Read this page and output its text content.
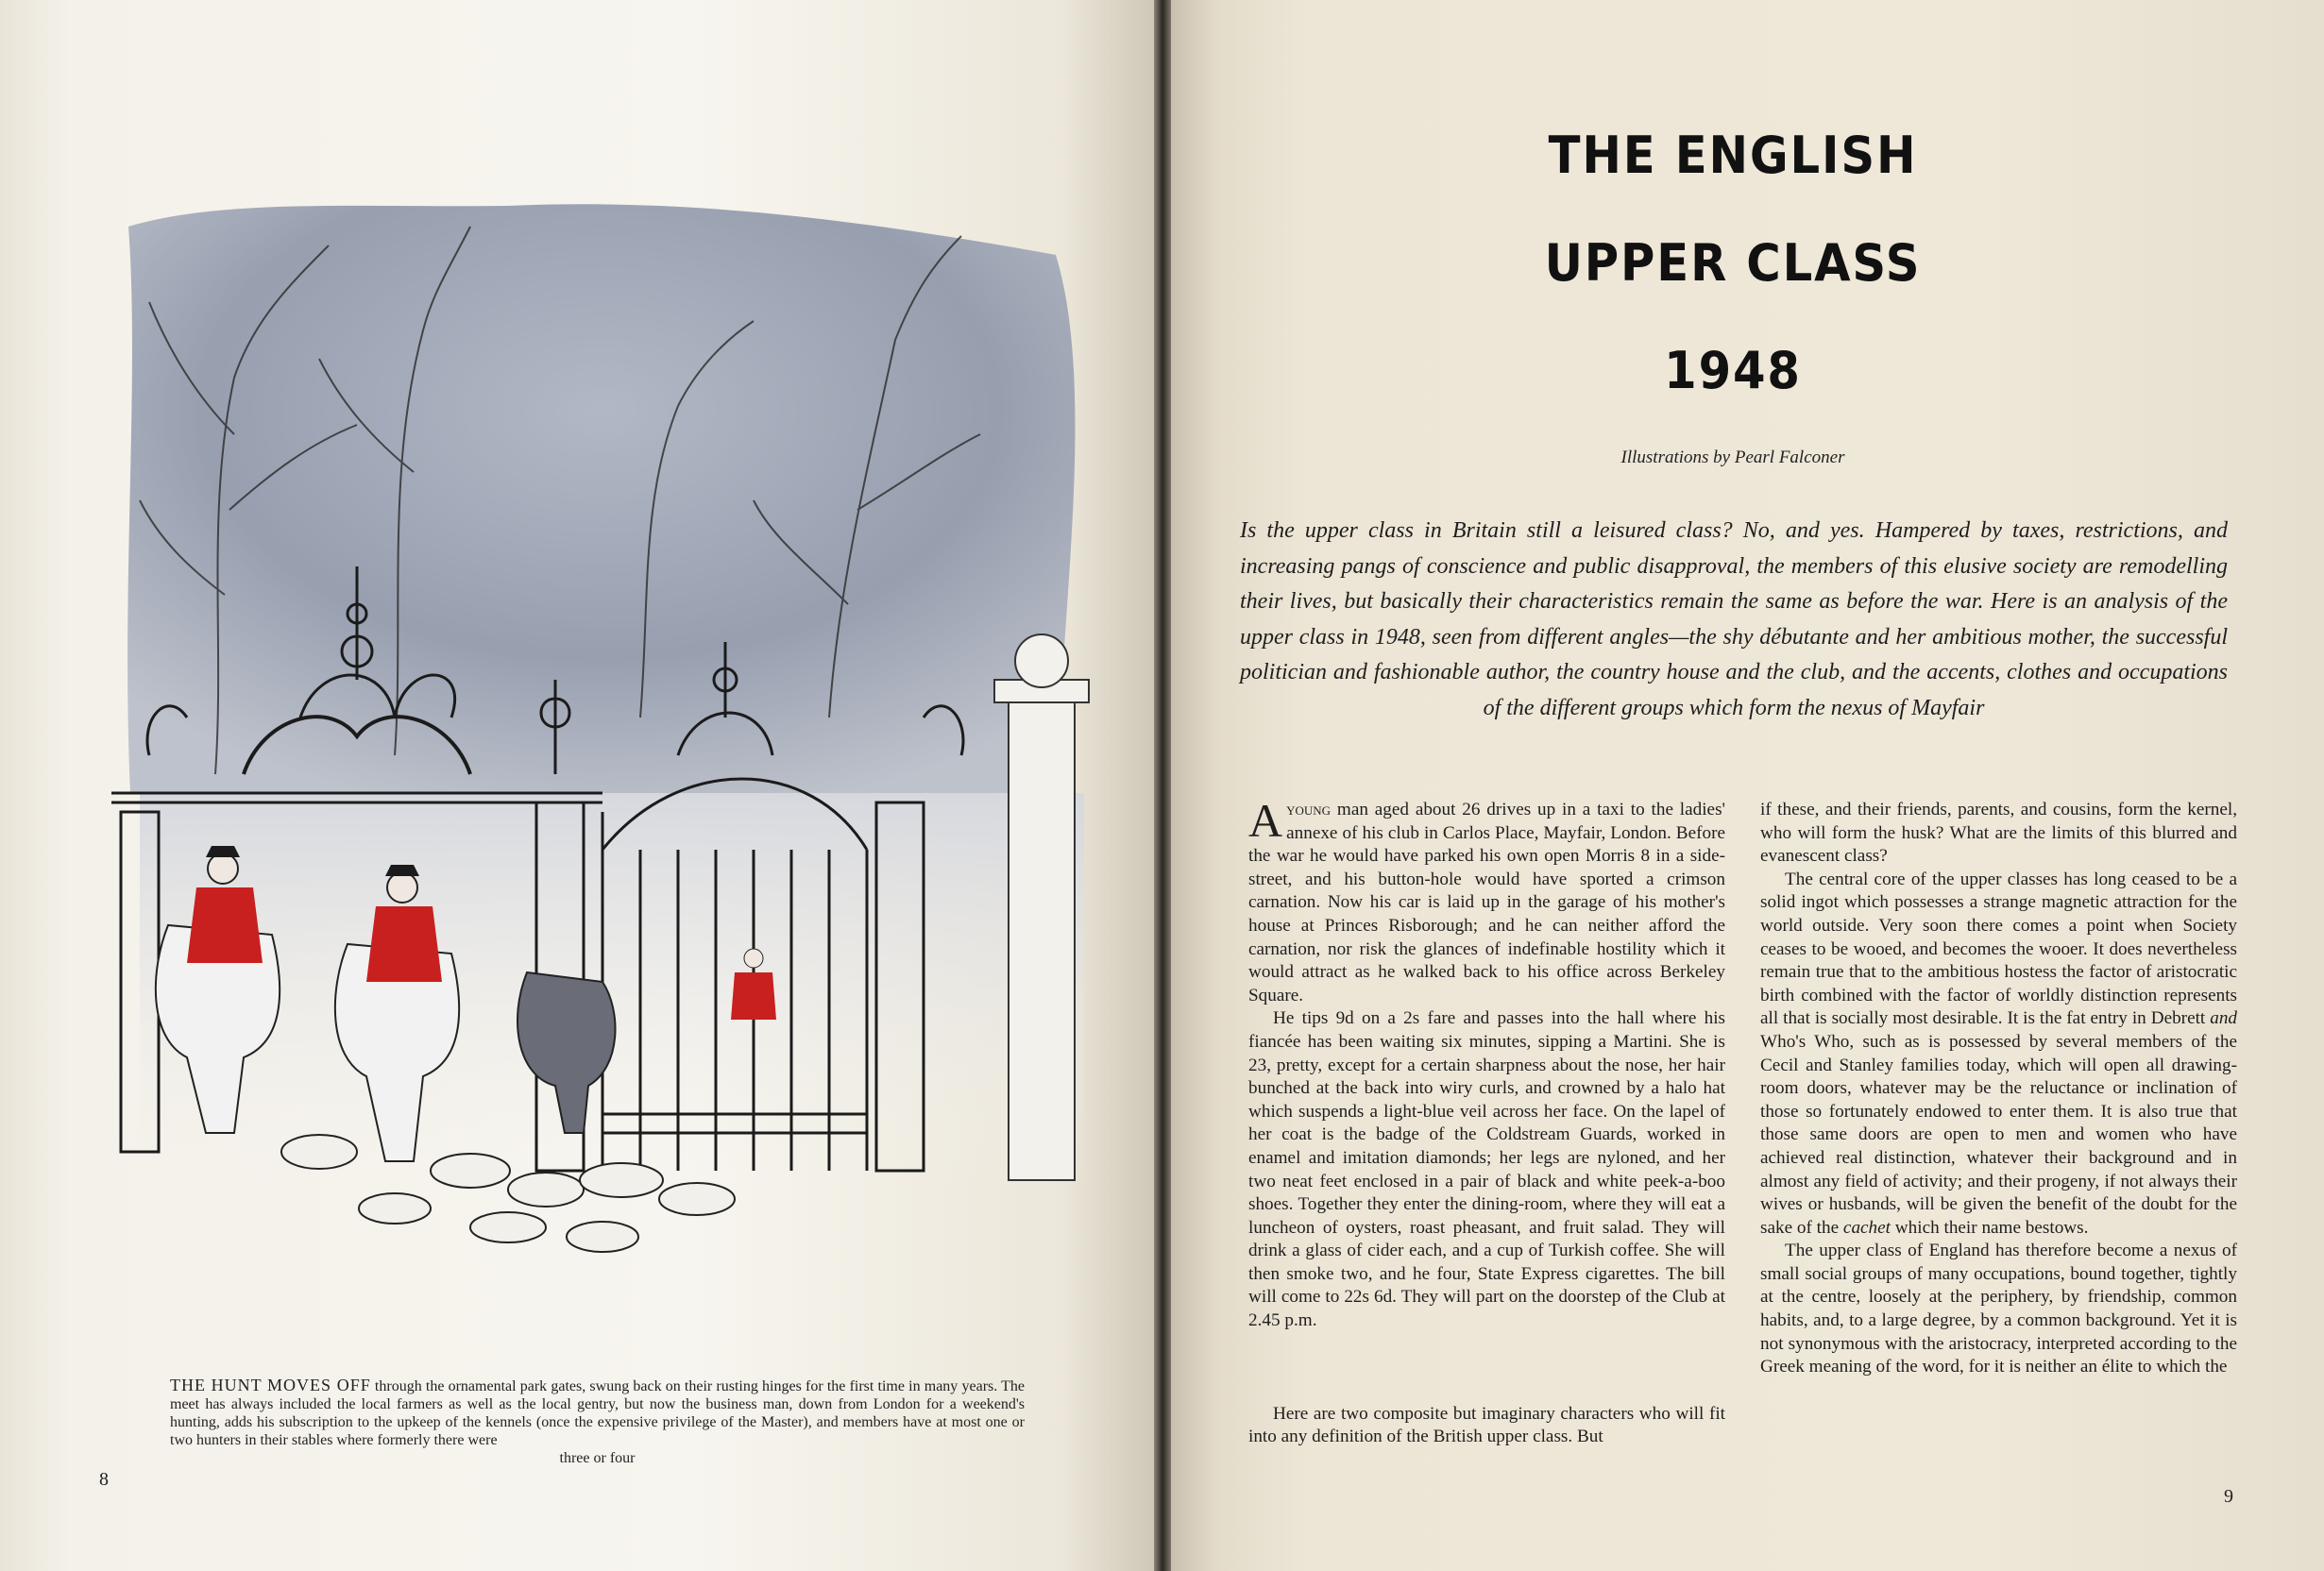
THE HUNT MOVES OFF through the ornamental park gates, swung back on their rusting hinges for the first time in many years. The meet has always included the local farmers as well as the local gentry, but now the business man, down from London for a weekend's hunting, adds his subscription to the upkeep of the kennels (once the expensive privilege of the Master), and members have at most one or two hunters in their stables where formerly there were
three or four
8
THE ENGLISH
UPPER CLASS
1948
Illustrations by Pearl Falconer
Is the upper class in Britain still a leisured class? No, and yes. Hampered by taxes, restrictions, and increasing pangs of conscience and public disapproval, the members of this elusive society are remodelling their lives, but basically their characteristics remain the same as before the war. Here is an analysis of the upper class in 1948, seen from different angles—the shy débutante and her ambitious mother, the successful politician and fashionable author, the country house and the club, and the accents, clothes and occupations of the different groups which form the nexus of Mayfair

Ayoung man aged about 26 drives up in a taxi to the ladies' annexe of his club in Carlos Place, Mayfair, London. Before the war he would have parked his own open Morris 8 in a side-street, and his button-hole would have sported a crimson carnation. Now his car is laid up in the garage of his mother's house at Princes Risborough; and he can neither afford the carnation, nor risk the glances of indefinable hostility which it would attract as he walked back to his office across Berkeley Square.

He tips 9d on a 2s fare and passes into the hall where his fiancée has been waiting six minutes, sipping a Martini. She is 23, pretty, except for a certain sharpness about the nose, her hair bunched at the back into wiry curls, and crowned by a halo hat which suspends a light-blue veil across her face. On the lapel of her coat is the badge of the Coldstream Guards, worked in enamel and imitation diamonds; her legs are nyloned, and her two neat feet enclosed in a pair of black and white peek-a-boo shoes. Together they enter the dining-room, where they will eat a luncheon of oysters, roast pheasant, and fruit salad. They will drink a glass of cider each, and a cup of Turkish coffee. She will then smoke two, and he four, State Express cigarettes. The bill will come to 22s 6d. They will part on the doorstep of the Club at 2.45 p.m.

Here are two composite but imaginary characters who will fit into any definition of the British upper class. But

if these, and their friends, parents, and cousins, form the kernel, who will form the husk? What are the limits of this blurred and evanescent class?

The central core of the upper classes has long ceased to be a solid ingot which possesses a strange magnetic attraction for the world outside. Very soon there comes a point when Society ceases to be wooed, and becomes the wooer. It does nevertheless remain true that to the ambitious hostess the factor of aristocratic birth combined with the factor of worldly distinction represents all that is socially most desirable. It is the fat entry in Debrett and Who's Who, such as is possessed by several members of the Cecil and Stanley families today, which will open all drawing-room doors, whatever may be the reluctance or inclination of those so fortunately endowed to enter them. It is also true that those same doors are open to men and women who have achieved real distinction, whatever their background and in almost any field of activity; and their progeny, if not always their wives or husbands, will be given the benefit of the doubt for the sake of the cachet which their name bestows.

The upper class of England has therefore become a nexus of small social groups of many occupations, bound together, tightly at the centre, loosely at the periphery, by friendship, common habits, and, to a large degree, by a common background. Yet it is not synonymous with the aristocracy, interpreted according to the Greek meaning of the word, for it is neither an élite to which the

9
